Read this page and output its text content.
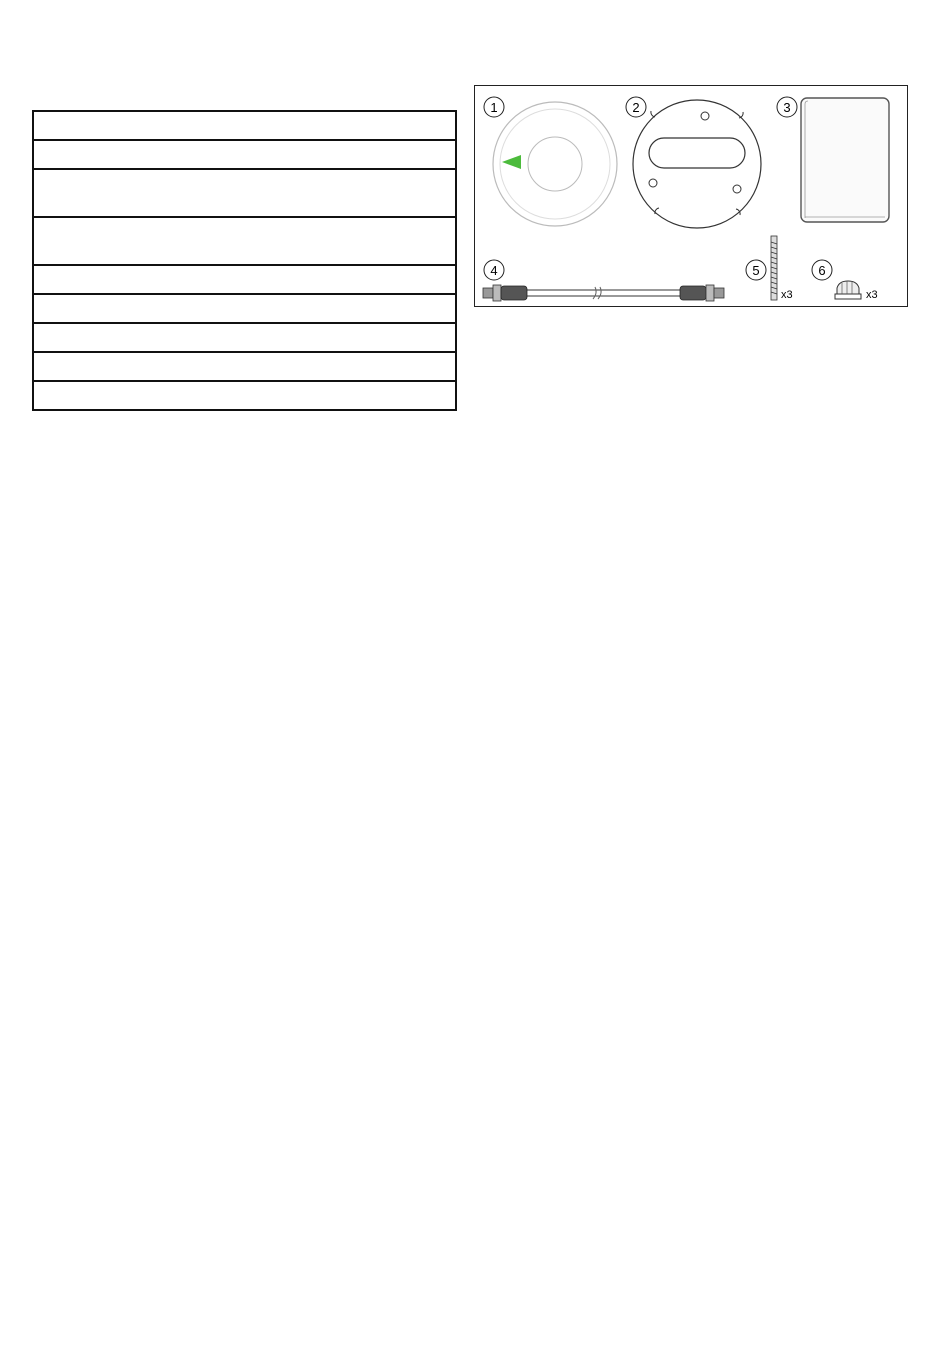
1	2	3
4	5	6
x3	x3
